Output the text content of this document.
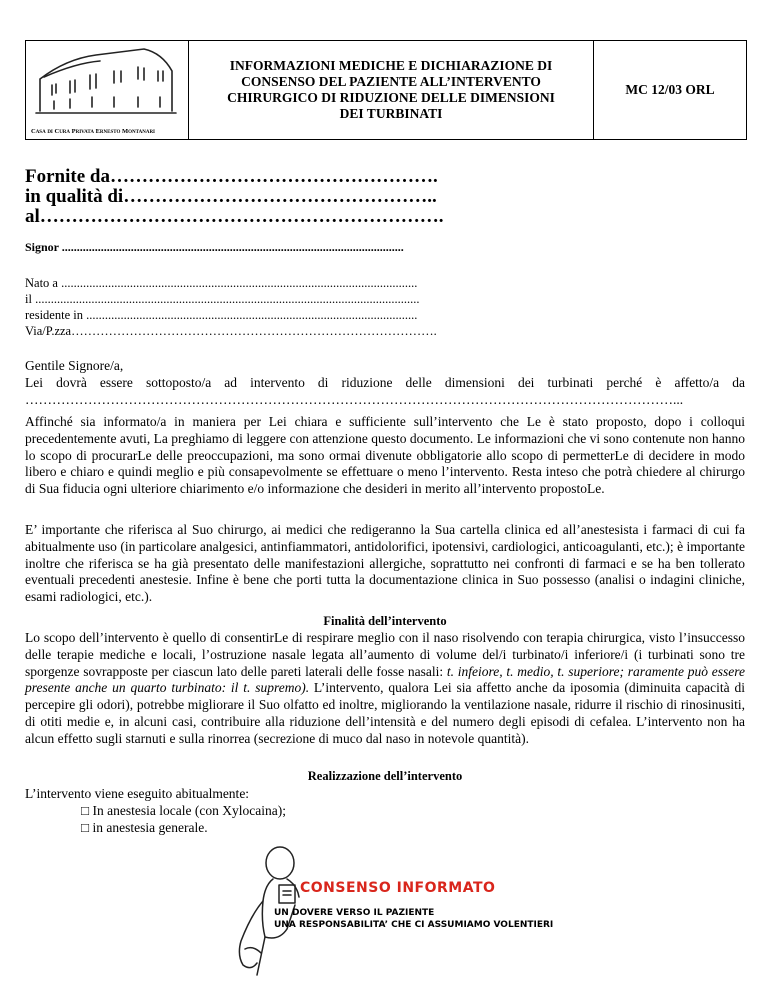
Casa di Cura Privata Ernesto Montanari
INFORMAZIONI MEDICHE E DICHIARAZIONE DI
CONSENSO DEL PAZIENTE ALL’INTERVENTO
CHIRURGICO DI RIDUZIONE DELLE DIMENSIONI
DEI TURBINATI
MC 12/03 ORL
Fornite da…………………………………………….
in qualità di…………………………………………..
al……………………………………………………….
Signor ..................................................................................................................
Nato a ..................................................................................................................
il ...........................................................................................................................
residente in ..........................................................................................................
Via/P.zza…………………………………………………………………………….
Gentile Signore/a,
Lei dovrà essere sottoposto/a ad intervento di riduzione delle dimensioni dei turbinati perché è affetto/a da
………………………………………………………………………………………………………………………………...
Affinché sia informato/a in maniera per Lei chiara e sufficiente sull’intervento che Le è stato proposto, dopo i colloqui precedentemente avuti, La preghiamo di leggere con attenzione questo documento. Le informazioni che vi sono contenute non hanno lo scopo di procurarLe delle preoccupazioni, ma sono ormai divenute obbligatorie allo scopo di permetterLe di decidere in modo libero e chiaro e quindi meglio e più consapevolmente se effettuare o meno l’intervento. Resta inteso che potrà chiedere al chirurgo di Sua fiducia ogni ulteriore chiarimento e/o informazione che desideri in merito all’intervento propostoLe.
E’ importante che riferisca al Suo chirurgo, ai medici che redigeranno la Sua cartella clinica ed all’anestesista i farmaci di cui fa abitualmente uso (in particolare analgesici, antinfiammatori, antidolorifici, ipotensivi, cardiologici, anticoagulanti, etc.); è importante inoltre che riferisca se ha già presentato delle manifestazioni allergiche, soprattutto nei confronti di farmaci e se ha ben tollerato eventuali precedenti anestesie. Infine è bene che porti tutta la documentazione clinica in Suo possesso (analisi o indagini cliniche, esami radiologici, etc.).
Finalità dell’intervento
Lo scopo dell’intervento è quello di consentirLe di respirare meglio con il naso risolvendo con terapia chirurgica, visto l’insuccesso delle terapie mediche e locali, l’ostruzione nasale legata all’aumento di volume del/i turbinato/i inferiore/i (i turbinati sono tre sporgenze sovrapposte per ciascun lato delle pareti laterali delle fosse nasali: t. infeiore, t. medio, t. superiore; raramente può essere presente anche un quarto turbinato: il t. supremo). L’intervento, qualora Lei sia affetto anche da iposomia (diminuita capacità di percepire gli odori), potrebbe migliorare il Suo olfatto ed inoltre, migliorando la ventilazione nasale, ridurre il rischio di rinosinusiti, di otiti medie e, in alcuni casi, contribuire alla riduzione dell’intensità e del numero degli episodi di cefalea. L’intervento non ha alcun effetto sugli starnuti e sulla rinorrea (secrezione di muco dal naso in notevole quantità).
Realizzazione dell’intervento
L’intervento viene eseguito abitualmente:
□ In anestesia locale (con Xylocaina);
□ in anestesia generale.
CONSENSO INFORMATO
UN DOVERE VERSO IL PAZIENTE
UNA RESPONSABILITA’ CHE CI ASSUMIAMO VOLENTIERI
